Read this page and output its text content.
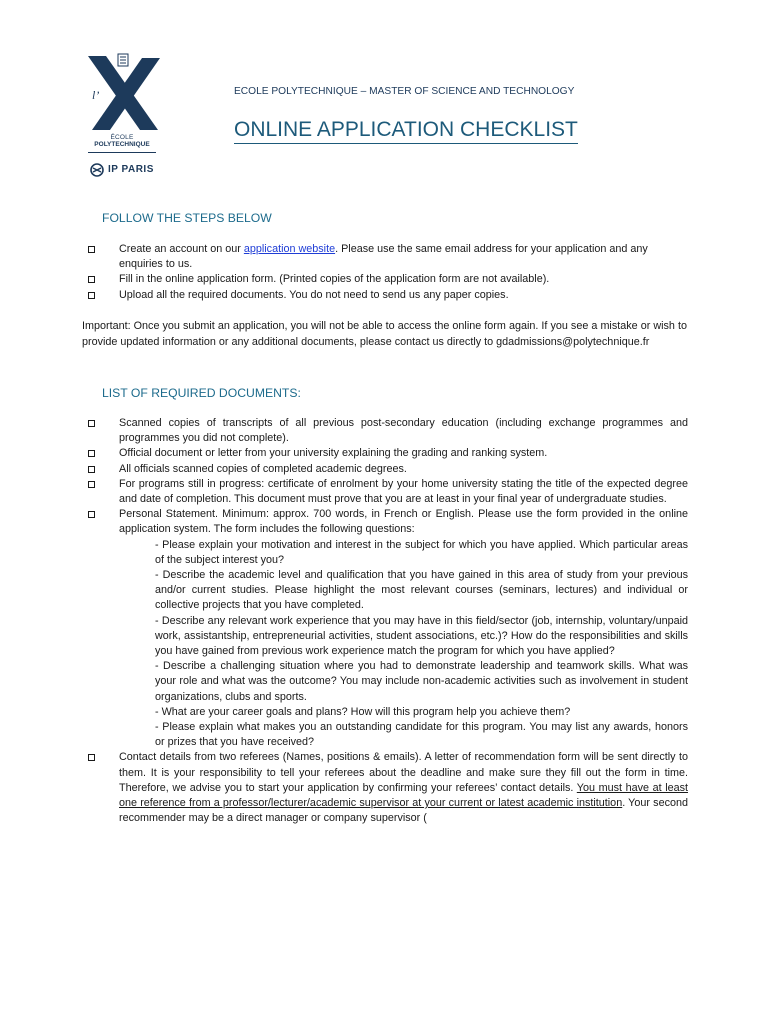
l’
ÉCOLE
POLYTECHNIQUE
IP PARIS
ECOLE POLYTECHNIQUE – MASTER OF SCIENCE AND TECHNOLOGY
ONLINE APPLICATION CHECKLIST
FOLLOW THE STEPS BELOW
Create an account on our application website. Please use the same email address for your application and any enquiries to us.
Fill in the online application form. (Printed copies of the application form are not available).
Upload all the required documents. You do not need to send us any paper copies.
Important: Once you submit an application, you will not be able to access the online form again. If you see a mistake or wish to provide updated information or any additional documents, please contact us directly to gdadmissions@polytechnique.fr
LIST OF REQUIRED DOCUMENTS:
Scanned copies of transcripts of all previous post-secondary education (including exchange programmes and programmes you did not complete).
Official document or letter from your university explaining the grading and ranking system.
All officials scanned copies of completed academic degrees.
For programs still in progress: certificate of enrolment by your home university stating the title of the expected degree and date of completion. This document must prove that you are at least in your final year of undergraduate studies.
Personal Statement. Minimum: approx. 700 words, in French or English. Please use the form provided in the online application system. The form includes the following questions:
- Please explain your motivation and interest in the subject for which you have applied. Which particular areas of the subject interest you?
- Describe the academic level and qualification that you have gained in this area of study from your previous and/or current studies. Please highlight the most relevant courses (seminars, lectures) and individual or collective projects that you have completed.
- Describe any relevant work experience that you may have in this field/sector (job, internship, voluntary/unpaid work, assistantship, entrepreneurial activities, student associations, etc.)? How do the responsibilities and skills you have gained from previous work experience match the program for which you have applied?
- Describe a challenging situation where you had to demonstrate leadership and teamwork skills. What was your role and what was the outcome? You may include non-academic activities such as involvement in student organizations, clubs and sports.
- What are your career goals and plans? How will this program help you achieve them?
- Please explain what makes you an outstanding candidate for this program. You may list any awards, honors or prizes that you have received?
Contact details from two referees (Names, positions & emails). A letter of recommendation form will be sent directly to them. It is your responsibility to tell your referees about the deadline and make sure they fill out the form in time. Therefore, we advise you to start your application by confirming your referees’ contact details. You must have at least one reference from a professor/lecturer/academic supervisor at your current or latest academic institution. Your second recommender may be a direct manager or company supervisor (
